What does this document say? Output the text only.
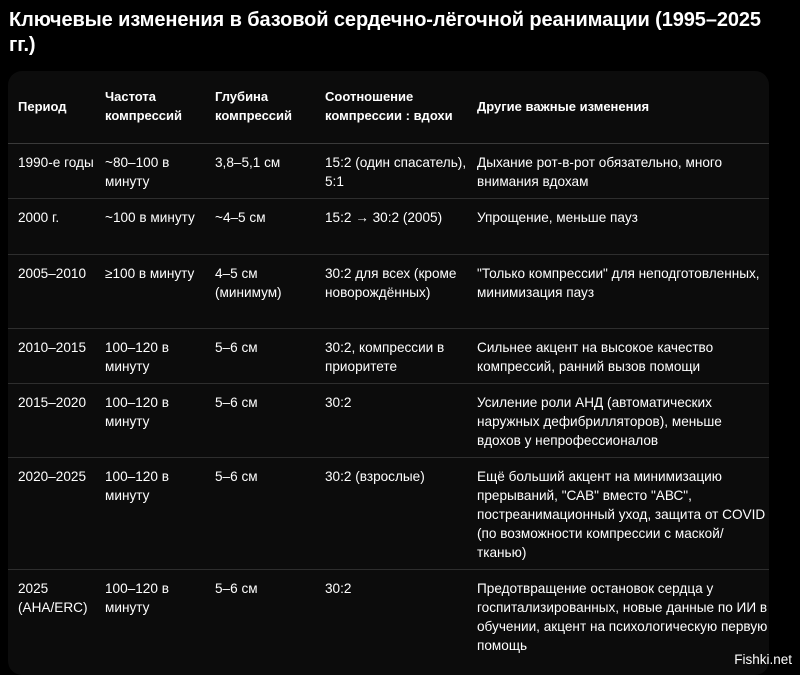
Ключевые изменения в базовой сердечно-лёгочной реанимации (1995–2025 гг.)
Период	Частота компрессий	Глубина компрессий	Соотношение компрессии : вдохи	Другие важные изменения
1990-е годы	~80–100 в минуту	3,8–5,1 см	15:2 (один спасатель), 5:1	Дыхание рот-в-рот обязательно, много внимания вдохам
2000 г.	~100 в минуту	~4–5 см	15:2 → 30:2 (2005)	Упрощение, меньше пауз
2005–2010	≥100 в минуту	4–5 см (минимум)	30:2 для всех (кроме новорождённых)	"Только компрессии" для неподготовленных, минимизация пауз
2010–2015	100–120 в минуту	5–6 см	30:2, компрессии в приоритете	Сильнее акцент на высокое качество компрессий, ранний вызов помощи
2015–2020	100–120 в минуту	5–6 см	30:2	Усиление роли АНД (автоматических наружных дефибрилляторов), меньше вдохов у непрофессионалов
2020–2025	100–120 в минуту	5–6 см	30:2 (взрослые)	Ещё больший акцент на минимизацию прерываний, "САВ" вместо "АВС", постреанимационный уход, защита от COVID (по возможности компрессии с маской/тканью)
2025 (AHA/ERC)	100–120 в минуту	5–6 см	30:2	Предотвращение остановок сердца у госпитализированных, новые данные по ИИ в обучении, акцент на психологическую первую помощь
Fishki.net
